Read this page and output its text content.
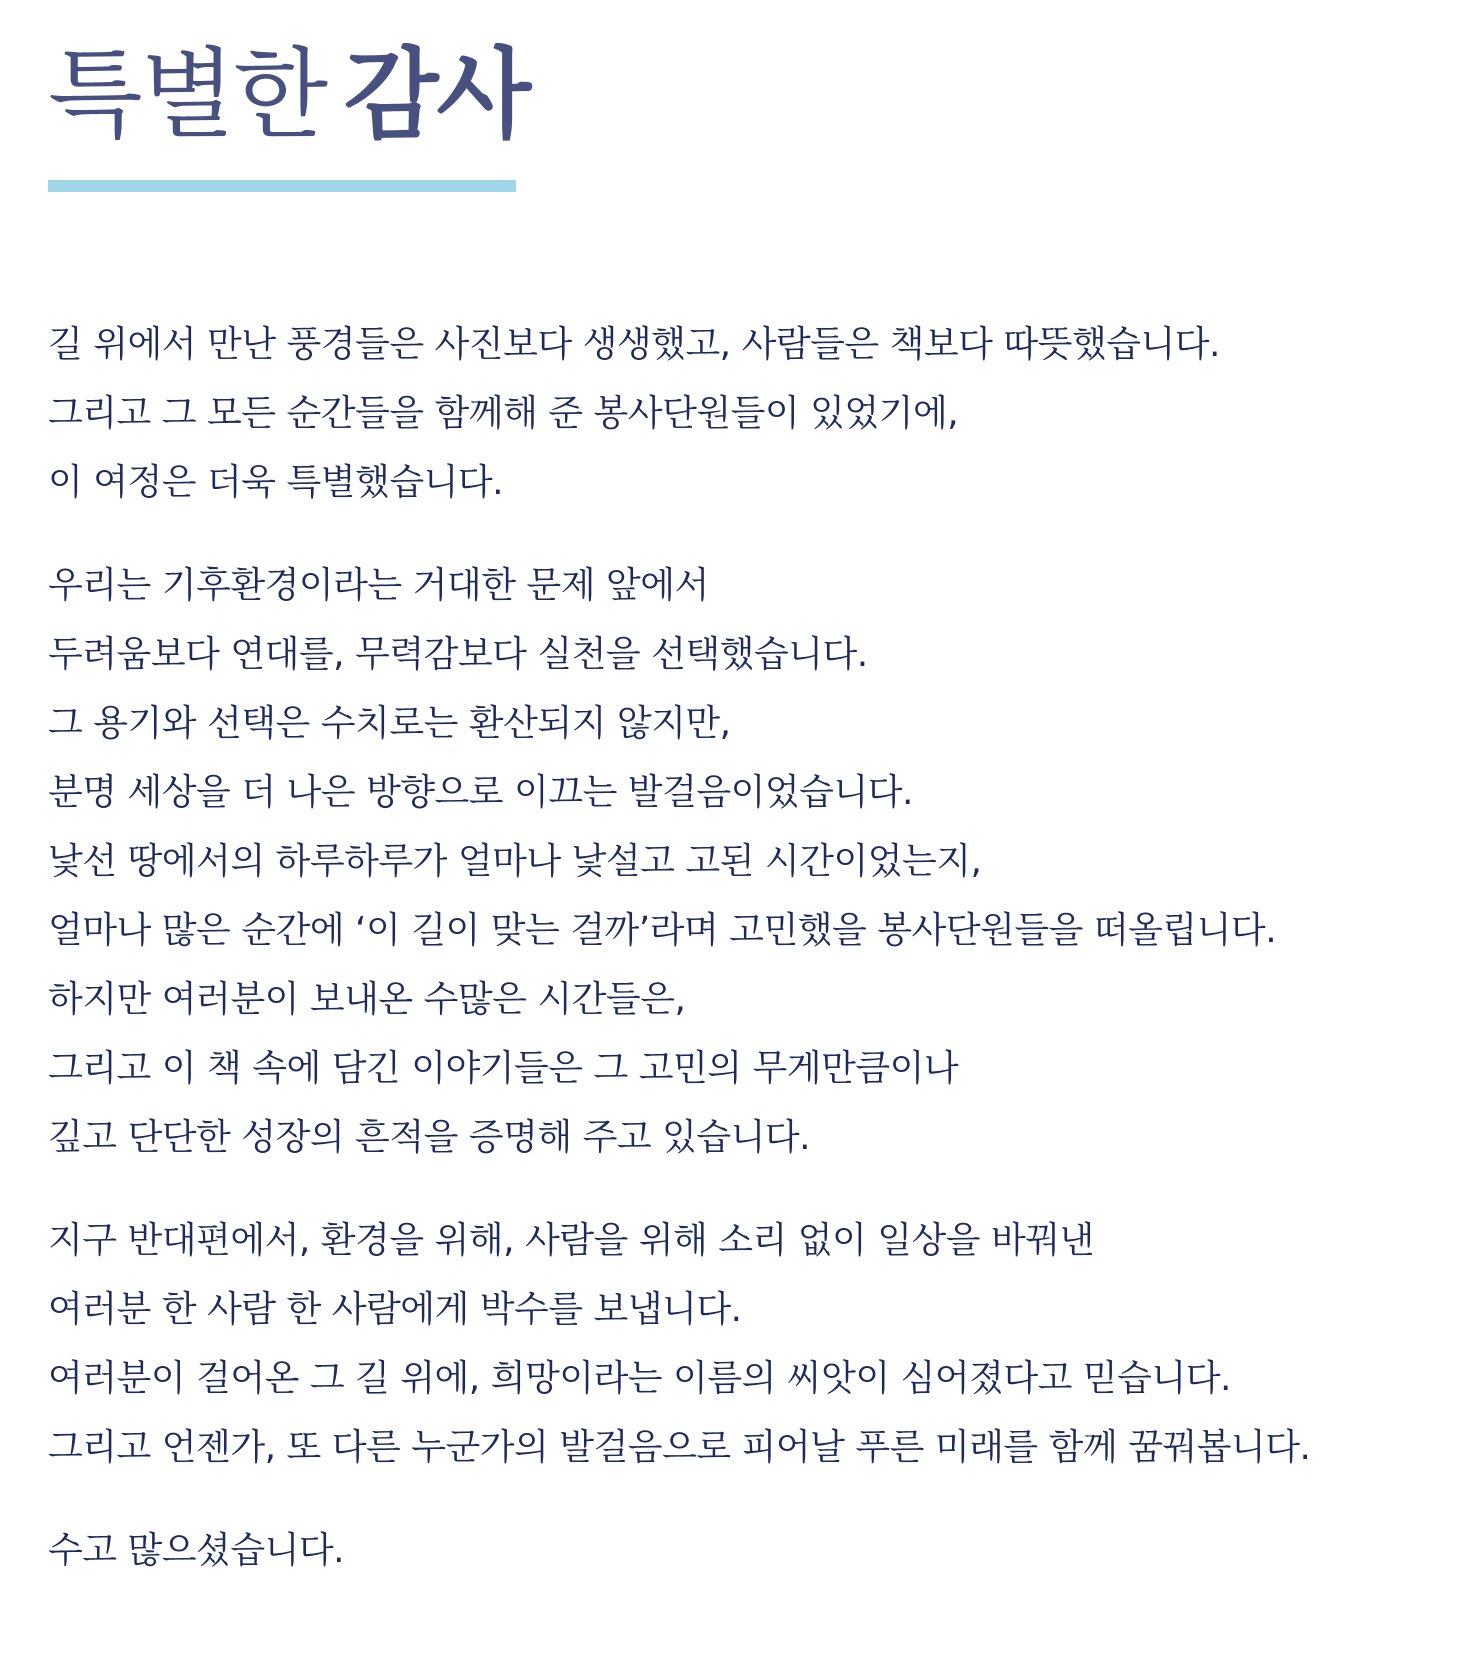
특별한 감사
길 위에서 만난 풍경들은 사진보다 생생했고, 사람들은 책보다 따뜻했습니다.
그리고 그 모든 순간들을 함께해 준 봉사단원들이 있었기에,
이 여정은 더욱 특별했습니다.
우리는 기후환경이라는 거대한 문제 앞에서
두려움보다 연대를, 무력감보다 실천을 선택했습니다.
그 용기와 선택은 수치로는 환산되지 않지만,
분명 세상을 더 나은 방향으로 이끄는 발걸음이었습니다.
낯선 땅에서의 하루하루가 얼마나 낯설고 고된 시간이었는지,
얼마나 많은 순간에 ‘이 길이 맞는 걸까’라며 고민했을 봉사단원들을 떠올립니다.
하지만 여러분이 보내온 수많은 시간들은,
그리고 이 책 속에 담긴 이야기들은 그 고민의 무게만큼이나
깊고 단단한 성장의 흔적을 증명해 주고 있습니다.
지구 반대편에서, 환경을 위해, 사람을 위해 소리 없이 일상을 바꿔낸
여러분 한 사람 한 사람에게 박수를 보냅니다.
여러분이 걸어온 그 길 위에, 희망이라는 이름의 씨앗이 심어졌다고 믿습니다.
그리고 언젠가, 또 다른 누군가의 발걸음으로 피어날 푸른 미래를 함께 꿈꿔봅니다.
수고 많으셨습니다.
